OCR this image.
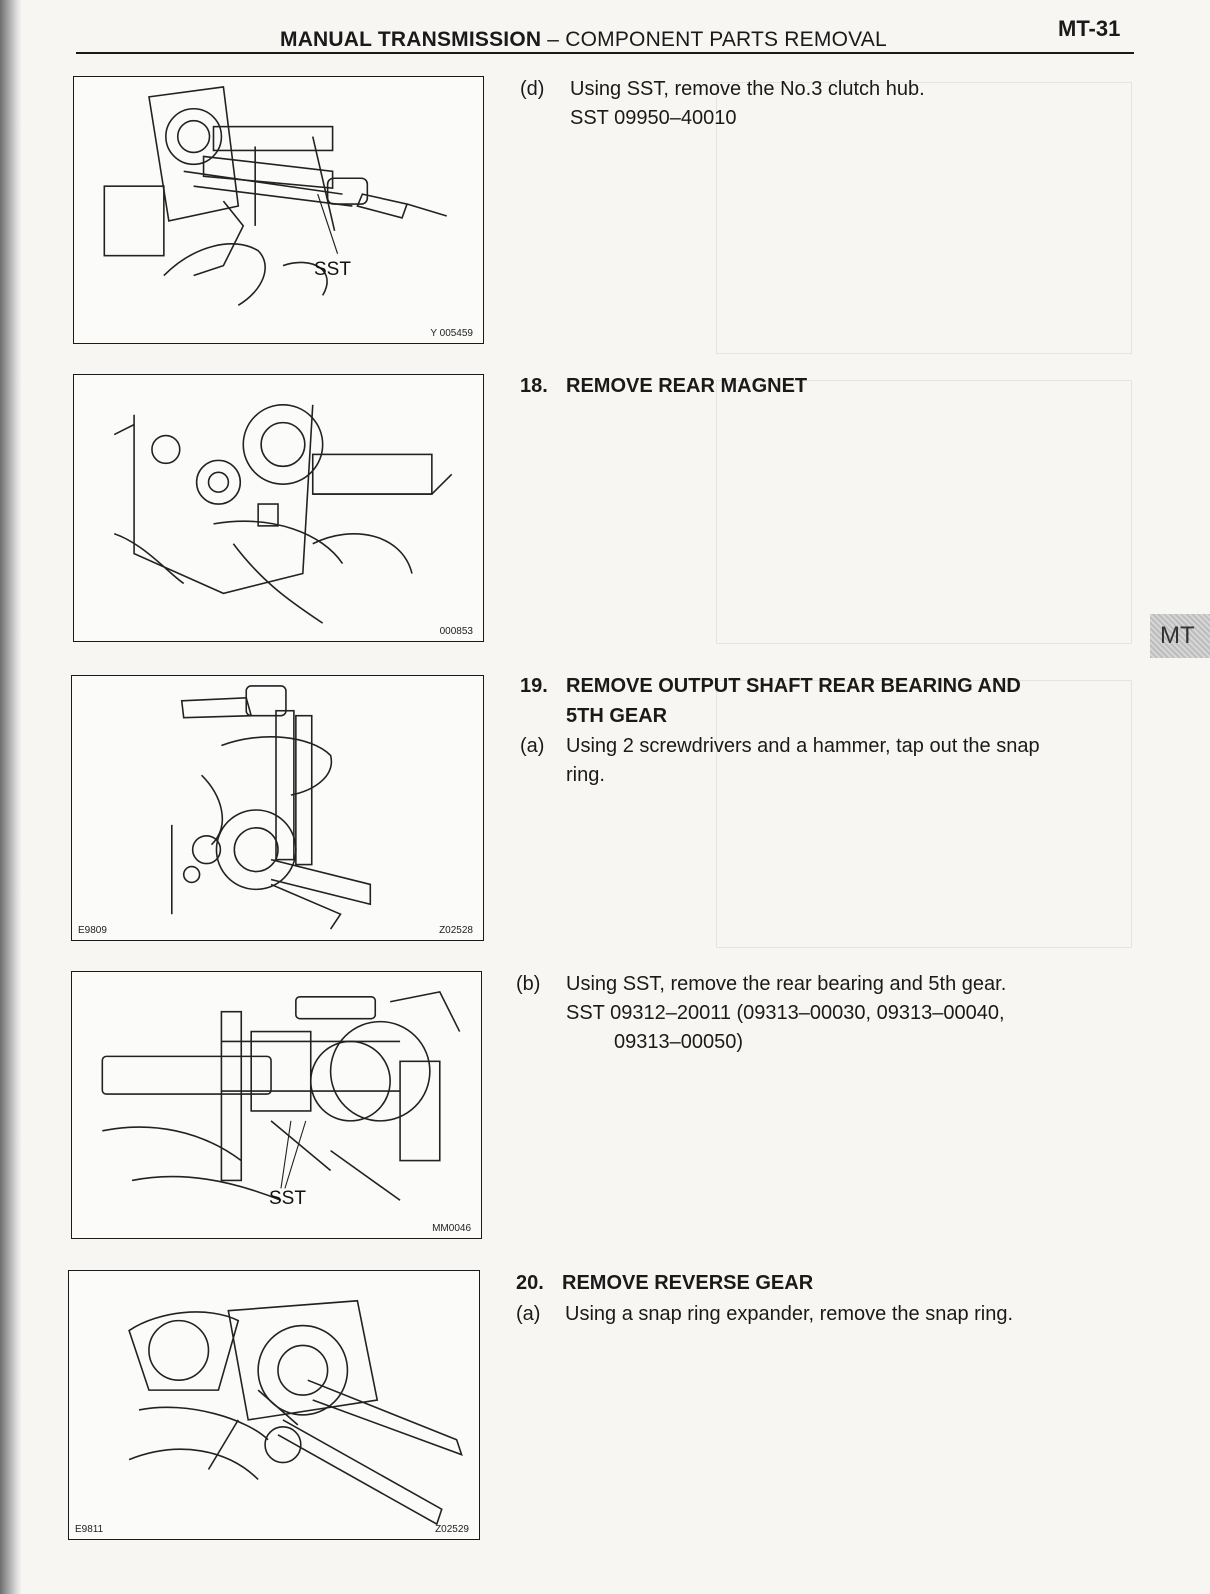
MANUAL TRANSMISSION – COMPONENT PARTS REMOVAL	MT-31
SST
Y 005459
(d) Using SST, remove the No.3 clutch hub.
SST 09950–40010
000853
18. REMOVE REAR MAGNET
MT
E9809	Z02528
19. REMOVE OUTPUT SHAFT REAR BEARING AND
5TH GEAR
(a) Using 2 screwdrivers and a hammer, tap out the snap
ring.
SST
MM0046
(b) Using SST, remove the rear bearing and 5th gear.
SST 09312–20011 (09313–00030, 09313–00040,
09313–00050)
E9811	Z02529
20. REMOVE REVERSE GEAR
(a) Using a snap ring expander, remove the snap ring.
